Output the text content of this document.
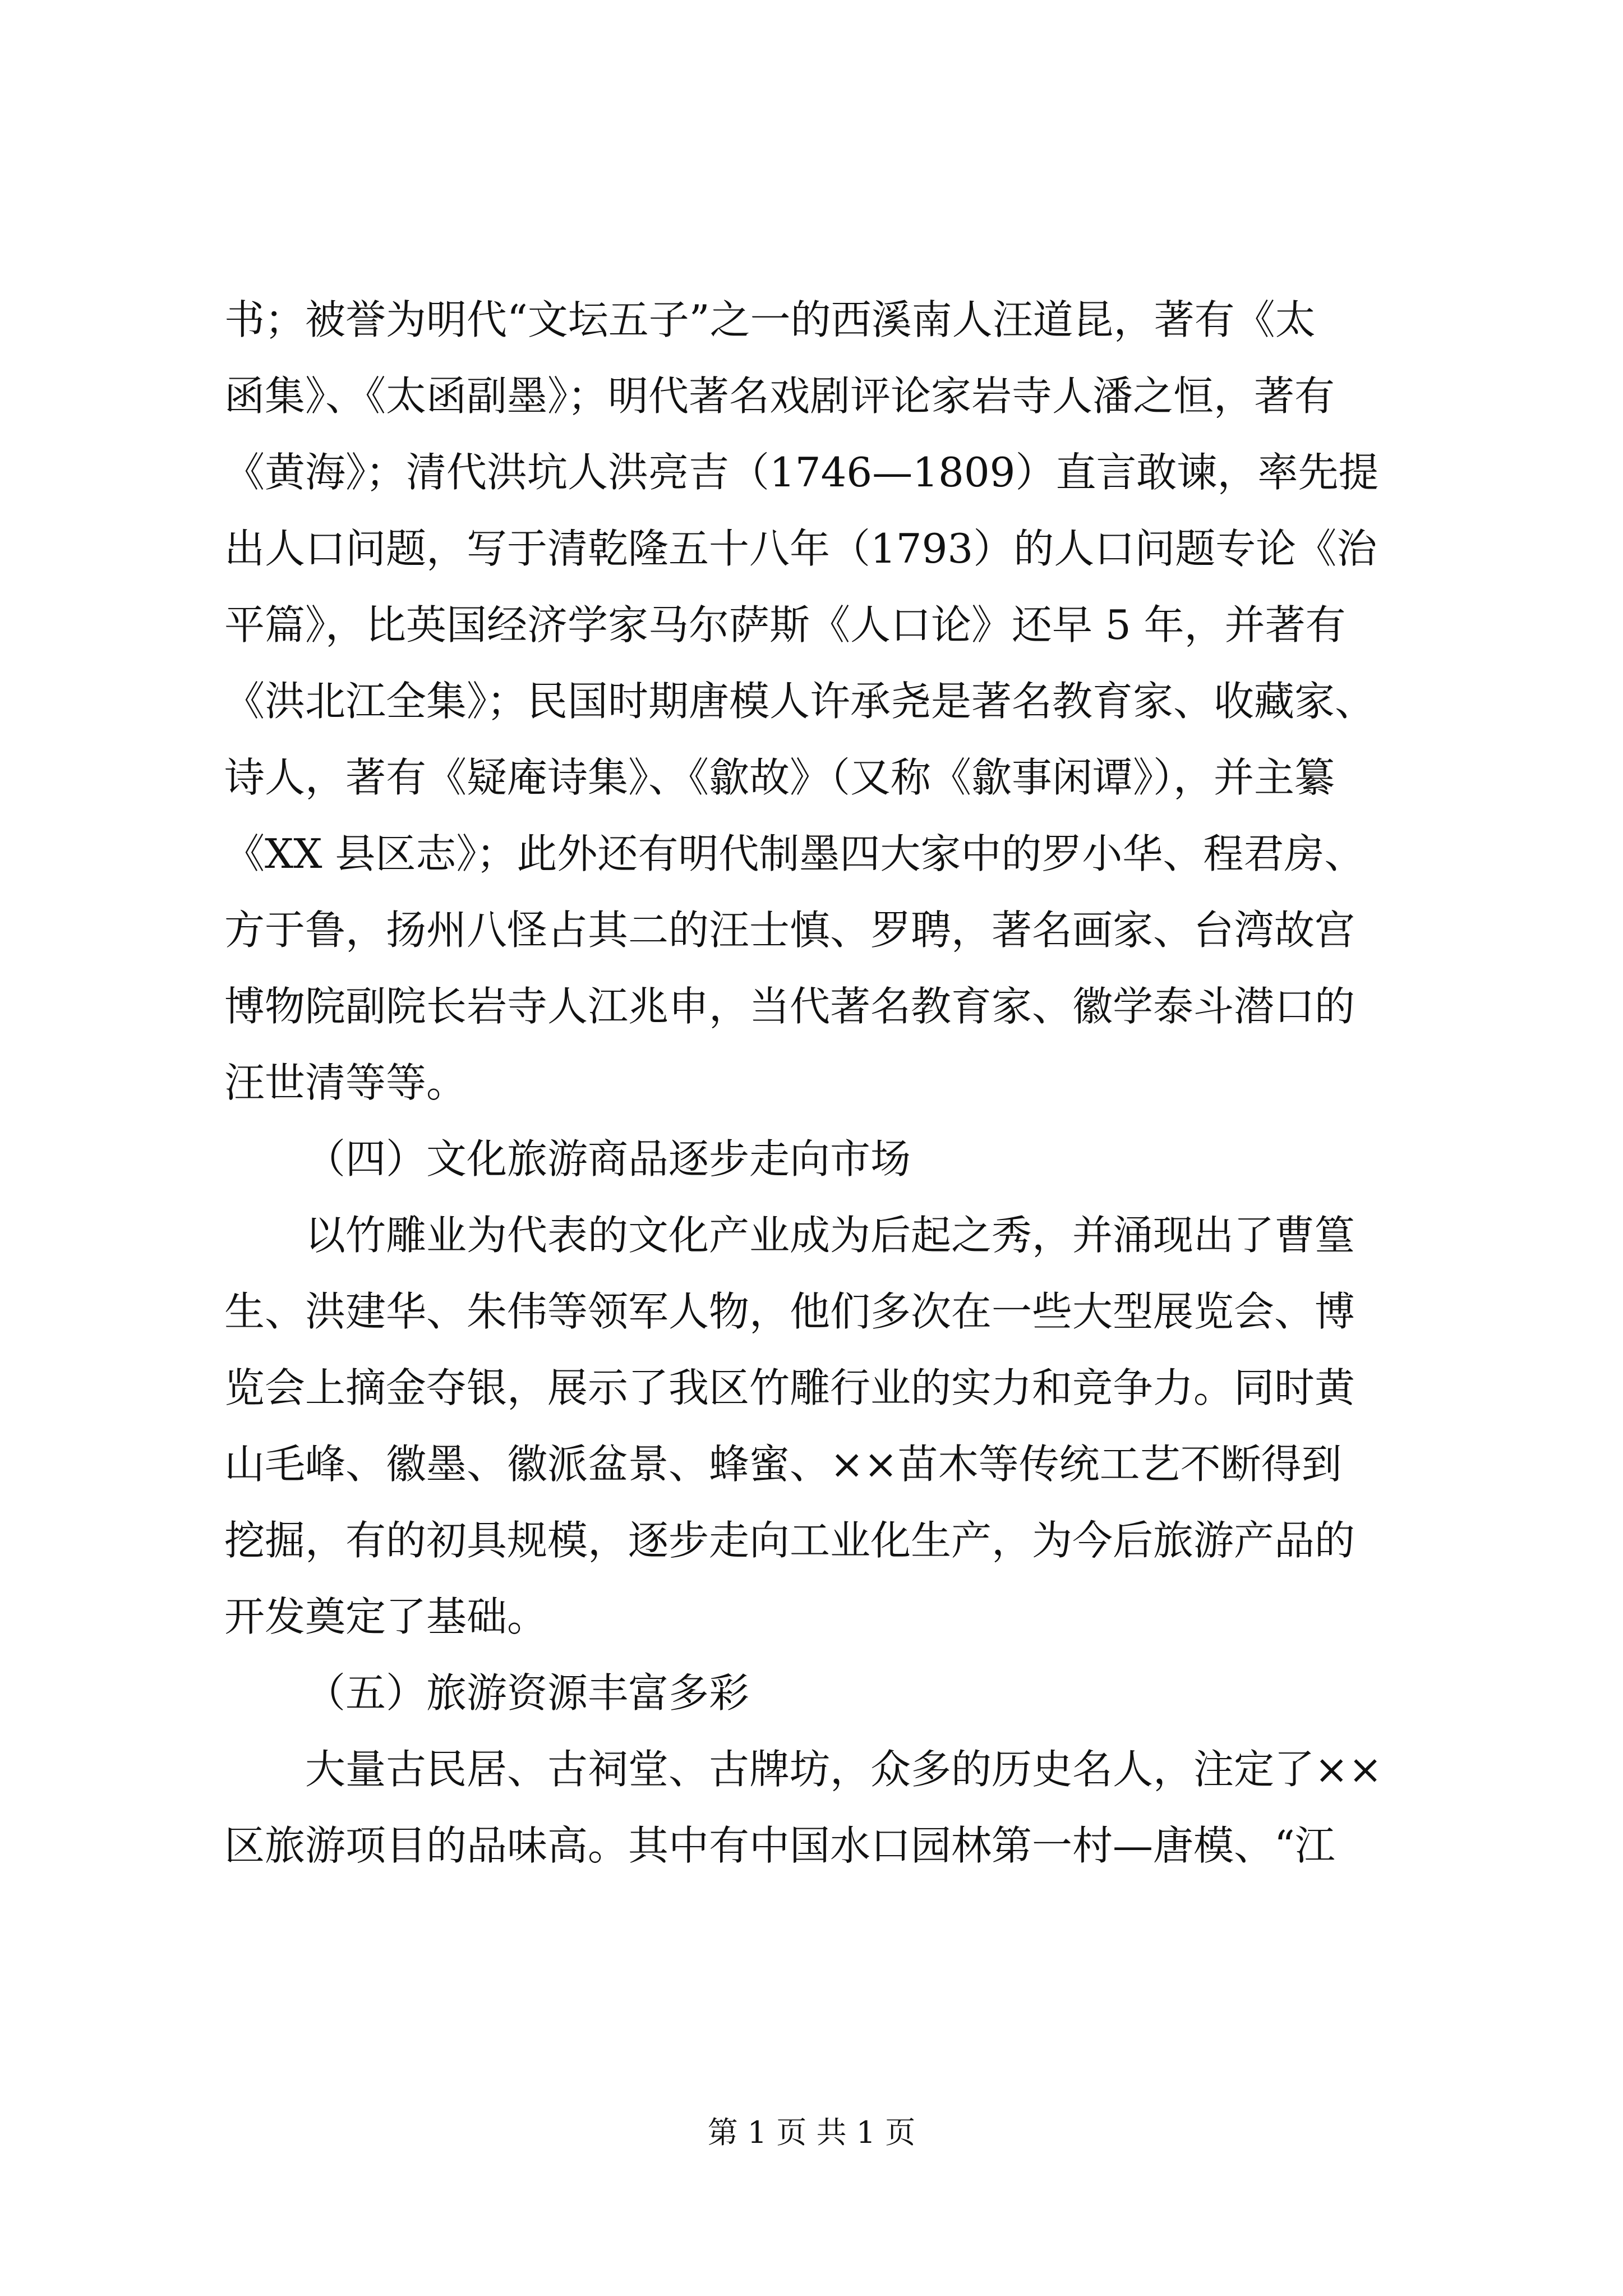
书；被誉为明代“文坛五子”之一的西溪南人汪道昆，著有《太
函集》、《太函副墨》；明代著名戏剧评论家岩寺人潘之恒，著有
《黄海》；清代洪坑人洪亮吉（1746—1809）直言敢谏，率先提
出人口问题，写于清乾隆五十八年（1793）的人口问题专论《治
平篇》，比英国经济学家马尔萨斯《人口论》还早 5 年，并著有
《洪北江全集》；民国时期唐模人许承尧是著名教育家、收藏家、
诗人，著有《疑庵诗集》、《歙故》（又称《歙事闲谭》），并主纂
《XX 县区志》；此外还有明代制墨四大家中的罗小华、程君房、
方于鲁，扬州八怪占其二的汪士慎、罗聘，著名画家、台湾故宫
博物院副院长岩寺人江兆申，当代著名教育家、徽学泰斗潜口的
汪世清等等。
（四）文化旅游商品逐步走向市场
以竹雕业为代表的文化产业成为后起之秀，并涌现出了曹篁
生、洪建华、朱伟等领军人物，他们多次在一些大型展览会、博
览会上摘金夺银，展示了我区竹雕行业的实力和竞争力。同时黄
山毛峰、徽墨、徽派盆景、蜂蜜、××苗木等传统工艺不断得到
挖掘，有的初具规模，逐步走向工业化生产，为今后旅游产品的
开发奠定了基础。
（五）旅游资源丰富多彩
大量古民居、古祠堂、古牌坊，众多的历史名人，注定了××
区旅游项目的品味高。其中有中国水口园林第一村—唐模、“江
第 1 页 共 1 页
